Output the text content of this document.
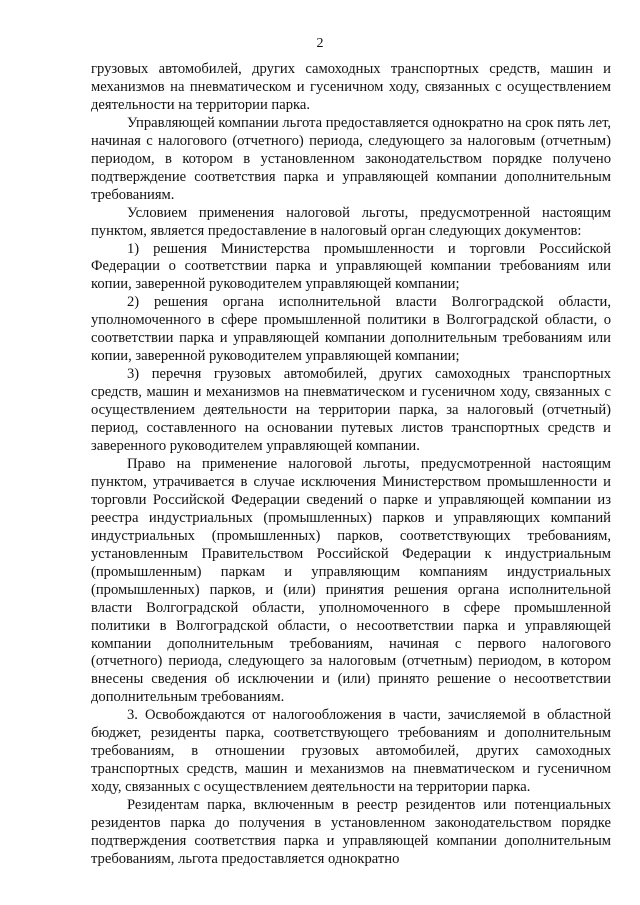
2

грузовых автомобилей, других самоходных транспортных средств, машин и механизмов на пневматическом и гусеничном ходу, связанных с осуществлением деятельности на территории парка.

Управляющей компании льгота предоставляется однократно на срок пять лет, начиная с налогового (отчетного) периода, следующего за налоговым (отчетным) периодом, в котором в установленном законодательством порядке получено подтверждение соответствия парка и управляющей компании дополнительным требованиям.

Условием применения налоговой льготы, предусмотренной настоящим пунктом, является предоставление в налоговый орган следующих документов:

1) решения Министерства промышленности и торговли Российской Федерации о соответствии парка и управляющей компании требованиям или копии, заверенной руководителем управляющей компании;

2) решения органа исполнительной власти Волгоградской области, уполномоченного в сфере промышленной политики в Волгоградской области, о соответствии парка и управляющей компании дополнительным требованиям или копии, заверенной руководителем управляющей компании;

3) перечня грузовых автомобилей, других самоходных транспортных средств, машин и механизмов на пневматическом и гусеничном ходу, связанных с осуществлением деятельности на территории парка, за налоговый (отчетный) период, составленного на основании путевых листов транспортных средств и заверенного руководителем управляющей компании.

Право на применение налоговой льготы, предусмотренной настоящим пунктом, утрачивается в случае исключения Министерством промышленности и торговли Российской Федерации сведений о парке и управляющей компании из реестра индустриальных (промышленных) парков и управляющих компаний индустриальных (промышленных) парков, соответствующих требованиям, установленным Правительством Российской Федерации к индустриальным (промышленным) паркам и управляющим компаниям индустриальных (промышленных) парков, и (или) принятия решения органа исполнительной власти Волгоградской области, уполномоченного в сфере промышленной политики в Волгоградской области, о несоответствии парка и управляющей компании дополнительным требованиям, начиная с первого налогового (отчетного) периода, следующего за налоговым (отчетным) периодом, в котором внесены сведения об исключении и (или) принято решение о несоответствии дополнительным требованиям.

3. Освобождаются от налогообложения в части, зачисляемой в областной бюджет, резиденты парка, соответствующего требованиям и дополнительным требованиям, в отношении грузовых автомобилей, других самоходных транспортных средств, машин и механизмов на пневматическом и гусеничном ходу, связанных с осуществлением деятельности на территории парка.

Резидентам парка, включенным в реестр резидентов или потенциальных резидентов парка до получения в установленном законодательством порядке подтверждения соответствия парка и управляющей компании дополнительным требованиям, льгота предоставляется однократно
